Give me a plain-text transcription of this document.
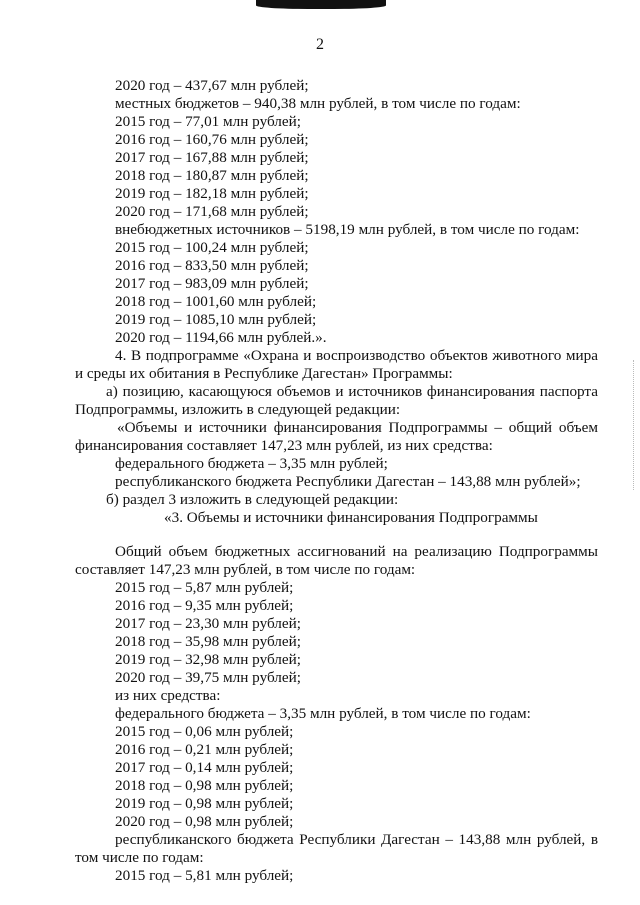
2
2020 год – 437,67 млн рублей;
местных бюджетов – 940,38 млн рублей, в том числе по годам:
2015 год – 77,01 млн рублей;
2016 год – 160,76 млн рублей;
2017 год – 167,88 млн рублей;
2018 год – 180,87 млн рублей;
2019 год – 182,18 млн рублей;
2020 год – 171,68 млн рублей;
внебюджетных источников – 5198,19 млн рублей, в том числе по годам:
2015 год – 100,24 млн рублей;
2016 год – 833,50 млн рублей;
2017 год – 983,09 млн рублей;
2018 год – 1001,60 млн рублей;
2019 год – 1085,10 млн рублей;
2020 год – 1194,66 млн рублей.».
4. В подпрограмме «Охрана и воспроизводство объектов животного мира
и среды их обитания в Республике Дагестан» Программы:
а) позицию, касающуюся объемов и источников финансирования паспорта
Подпрограммы, изложить в следующей редакции:
«Объемы и источники финансирования Подпрограммы – общий объем
финансирования составляет 147,23 млн рублей, из них средства:
федерального бюджета – 3,35 млн рублей;
республиканского бюджета Республики Дагестан – 143,88 млн рублей»;
б) раздел 3 изложить в следующей редакции:
«3. Объемы и источники финансирования Подпрограммы
Общий объем бюджетных ассигнований на реализацию Подпрограммы
составляет 147,23 млн рублей, в том числе по годам:
2015 год – 5,87 млн рублей;
2016 год – 9,35 млн рублей;
2017 год – 23,30 млн рублей;
2018 год – 35,98 млн рублей;
2019 год – 32,98 млн рублей;
2020 год – 39,75 млн рублей;
из них средства:
федерального бюджета – 3,35 млн рублей, в том числе по годам:
2015 год – 0,06 млн рублей;
2016 год – 0,21 млн рублей;
2017 год – 0,14 млн рублей;
2018 год – 0,98 млн рублей;
2019 год – 0,98 млн рублей;
2020 год – 0,98 млн рублей;
республиканского бюджета Республики Дагестан – 143,88 млн рублей, в
том числе по годам:
2015 год – 5,81 млн рублей;
